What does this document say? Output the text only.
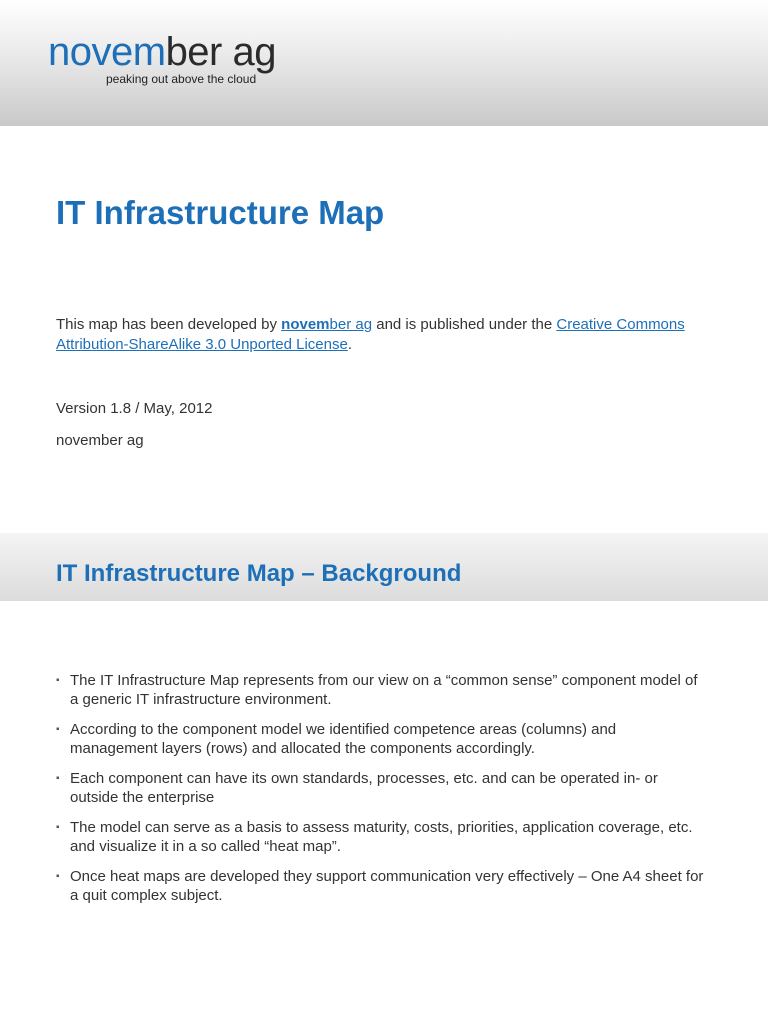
november ag
peaking out above the cloud
IT Infrastructure Map

This map has been developed by november ag and is published under the Creative Commons Attribution-ShareAlike 3.0 Unported License.

Version 1.8 / May, 2012

november ag

IT Infrastructure Map – Background
▪ The IT Infrastructure Map represents from our view on a “common sense” component model of a generic IT infrastructure environment.
▪ According to the component model we identified competence areas (columns) and management layers (rows) and allocated the components accordingly.
▪ Each component can have its own standards, processes, etc. and can be operated in- or outside the enterprise
▪ The model can serve as a basis to assess maturity, costs, priorities, application coverage, etc. and visualize it in a so called “heat map”.
▪ Once heat maps are developed they support communication very effectively – One A4 sheet for a quit complex subject.
